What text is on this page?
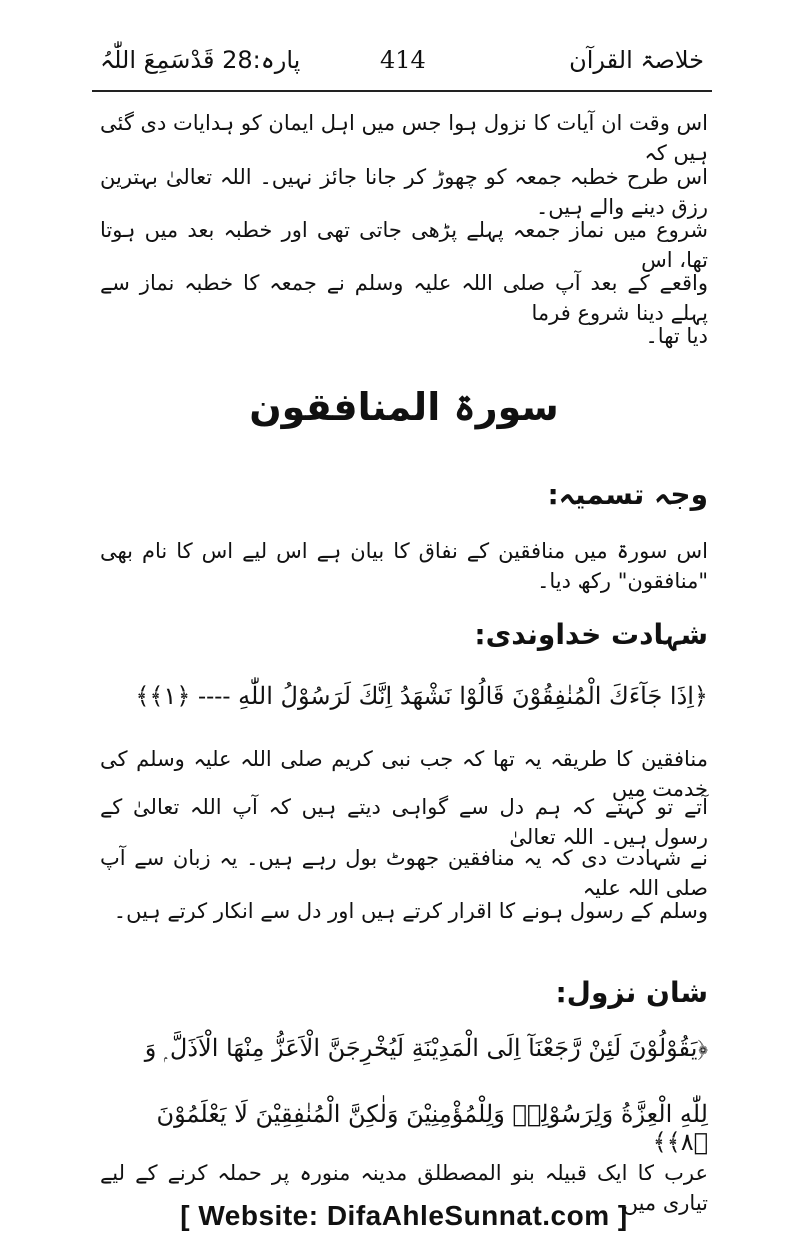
خلاصۃ القرآن
414
پارہ:28 قَدْسَمِعَ اللّٰہُ
اس وقت ان آیات کا نزول ہوا جس میں اہل ایمان کو ہدایات دی گئی ہیں کہ
اس طرح خطبہ جمعہ کو چھوڑ کر جانا جائز نہیں۔ اللہ تعالیٰ بہترین رزق دینے والے ہیں۔
شروع میں نماز جمعہ پہلے پڑھی جاتی تھی اور خطبہ بعد میں ہوتا تھا، اس
واقعے کے بعد آپ صلی اللہ علیہ وسلم نے جمعہ کا خطبہ نماز سے پہلے دینا شروع فرما
دیا تھا۔
سورۃ المنافقون
وجہ تسمیہ:
اس سورۃ میں منافقین کے نفاق کا بیان ہے اس لیے اس کا نام بھی "منافقون" رکھ دیا۔
شہادت خداوندی:
﴿اِذَا جَآءَكَ الْمُنٰفِقُوْنَ قَالُوْا نَشْهَدُ اِنَّكَ لَرَسُوْلُ اللّٰهِ ---- ﴿١﴾﴾
منافقین کا طریقہ یہ تھا کہ جب نبی کریم صلی اللہ علیہ وسلم کی خدمت میں
آتے تو کہتے کہ ہم دل سے گواہی دیتے ہیں کہ آپ اللہ تعالیٰ کے رسول ہیں۔ اللہ تعالیٰ
نے شہادت دی کہ یہ منافقین جھوٹ بول رہے ہیں۔ یہ زبان سے آپ صلی اللہ علیہ
وسلم کے رسول ہونے کا اقرار کرتے ہیں اور دل سے انکار کرتے ہیں۔
شان نزول:
﴿يَقُوْلُوْنَ لَئِنْ رَّجَعْنَآ اِلَى الْمَدِيْنَةِ لَيُخْرِجَنَّ الْاَعَزُّ مِنْهَا الْاَذَلَّ ۭ وَ
لِلّٰهِ الْعِزَّةُ وَلِرَسُوْلِهٖ وَلِلْمُؤْمِنِيْنَ وَلٰكِنَّ الْمُنٰفِقِيْنَ لَا يَعْلَمُوْنَ ﴿٨﴾﴾
عرب کا ایک قبیلہ بنو المصطلق مدینہ منورہ پر حملہ کرنے کے لیے تیاری میں
[ Website: DifaAhleSunnat.com ]
